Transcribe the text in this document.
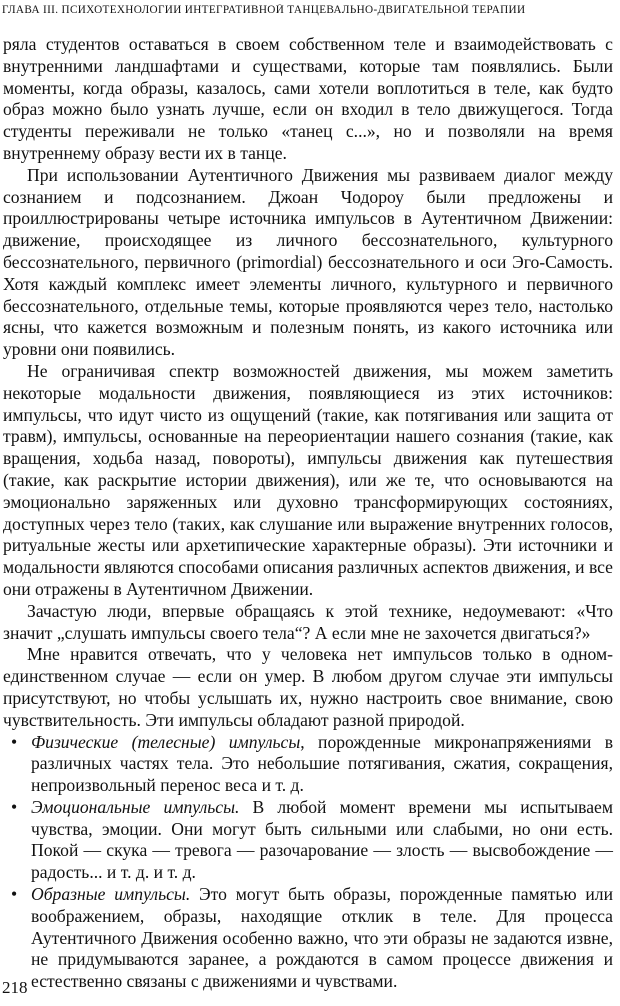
ГЛАВА III. ПСИХОТЕХНОЛОГИИ ИНТЕГРАТИВНОЙ ТАНЦЕВАЛЬНО-ДВИГАТЕЛЬНОЙ ТЕРАПИИ

ряла студентов оставаться в своем собственном теле и взаимодействовать с внутренними ландшафтами и существами, которые там появлялись. Были моменты, когда образы, казалось, сами хотели воплотиться в теле, как будто образ можно было узнать лучше, если он входил в тело движущегося. Тогда студенты переживали не только «танец с...», но и позволяли на время внутреннему образу вести их в танце.

При использовании Аутентичного Движения мы развиваем диалог между сознанием и подсознанием. Джоан Чодороу были предложены и проиллюстрированы четыре источника импульсов в Аутентичном Движении: движение, происходящее из личного бессознательного, культурного бессознательного, первичного (primordial) бессознательного и оси Эго-Самость. Хотя каждый комплекс имеет элементы личного, культурного и первичного бессознательного, отдельные темы, которые проявляются через тело, настолько ясны, что кажется возможным и полезным понять, из какого источника или уровни они появились.

Не ограничивая спектр возможностей движения, мы можем заметить некоторые модальности движения, появляющиеся из этих источников: импульсы, что идут чисто из ощущений (такие, как потягивания или защита от травм), импульсы, основанные на переориентации нашего сознания (такие, как вращения, ходьба назад, повороты), импульсы движения как путешествия (такие, как раскрытие истории движения), или же те, что основываются на эмоционально заряженных или духовно трансформирующих состояниях, доступных через тело (таких, как слушание или выражение внутренних голосов, ритуальные жесты или архетипические характерные образы). Эти источники и модальности являются способами описания различных аспектов движения, и все они отражены в Аутентичном Движении.

Зачастую люди, впервые обращаясь к этой технике, недоумевают: «Что значит „слушать импульсы своего тела“? А если мне не захочется двигаться?»

Мне нравится отвечать, что у человека нет импульсов только в одном-единственном случае — если он умер. В любом другом случае эти импульсы присутствуют, но чтобы услышать их, нужно настроить свое внимание, свою чувствительность. Эти импульсы обладают разной природой.

• Физические (телесные) импульсы, порожденные микронапряжениями в различных частях тела. Это небольшие потягивания, сжатия, сокращения, непроизвольный перенос веса и т. д.
• Эмоциональные импульсы. В любой момент времени мы испытываем чувства, эмоции. Они могут быть сильными или слабыми, но они есть. Покой — скука — тревога — разочарование — злость — высвобождение — радость... и т. д. и т. д.
• Образные импульсы. Это могут быть образы, порожденные памятью или воображением, образы, находящие отклик в теле. Для процесса Аутентичного Движения особенно важно, что эти образы не задаются извне, не придумываются заранее, а рождаются в самом процессе движения и естественно связаны с движениями и чувствами.
218
